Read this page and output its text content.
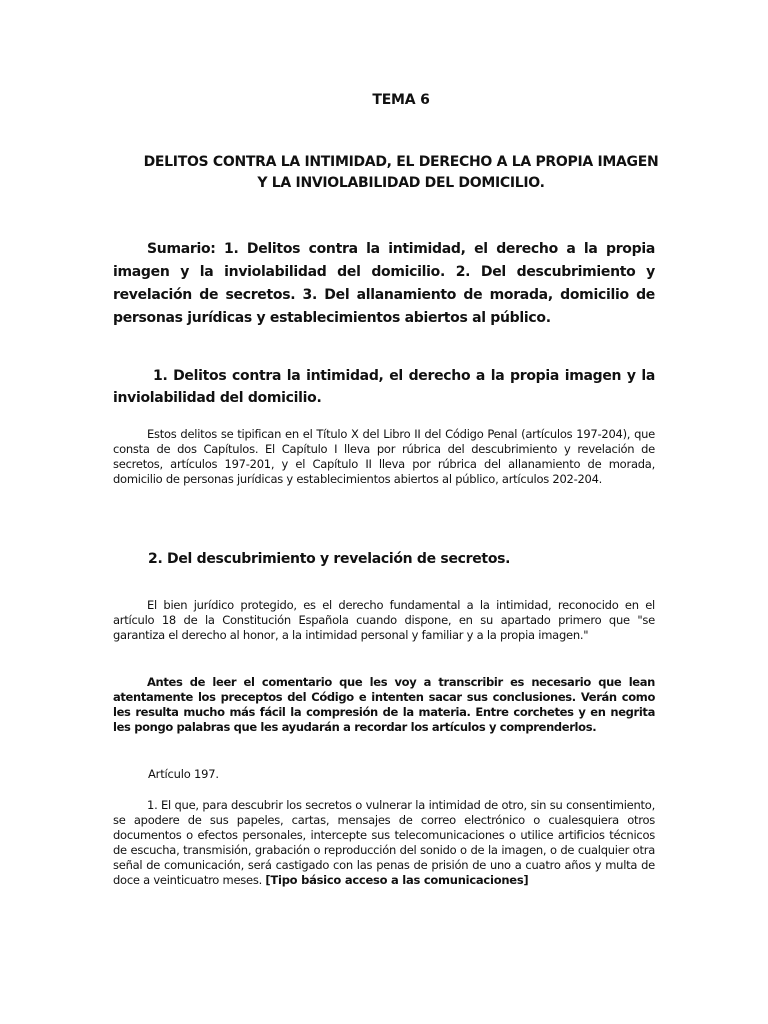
TEMA 6
DELITOS CONTRA LA INTIMIDAD, EL DERECHO A LA PROPIA IMAGEN Y LA INVIOLABILIDAD DEL DOMICILIO.
Sumario: 1. Delitos contra la intimidad, el derecho a la propia imagen y la inviolabilidad del domicilio. 2. Del descubrimiento y revelación de secretos. 3. Del allanamiento de morada, domicilio de personas jurídicas y establecimientos abiertos al público.
1. Delitos contra la intimidad, el derecho a la propia imagen y la inviolabilidad del domicilio.
Estos delitos se tipifican en el Título X del Libro II del Código Penal (artículos 197-204), que consta de dos Capítulos. El Capítulo I lleva por rúbrica del descubrimiento y revelación de secretos, artículos 197-201, y el Capítulo II lleva por rúbrica del allanamiento de morada, domicilio de personas jurídicas y establecimientos abiertos al público, artículos 202-204.
2. Del descubrimiento y revelación de secretos.
El bien jurídico protegido, es el derecho fundamental a la intimidad, reconocido en el artículo 18 de la Constitución Española cuando dispone, en su apartado primero que "se garantiza el derecho al honor, a la intimidad personal y familiar y a la propia imagen."
Antes de leer el comentario que les voy a transcribir es necesario que lean atentamente los preceptos del Código e intenten sacar sus conclusiones. Verán como les resulta mucho más fácil la compresión de la materia. Entre corchetes y en negrita les pongo palabras que les ayudarán a recordar los artículos y comprenderlos.
Artículo 197.
1. El que, para descubrir los secretos o vulnerar la intimidad de otro, sin su consentimiento, se apodere de sus papeles, cartas, mensajes de correo electrónico o cualesquiera otros documentos o efectos personales, intercepte sus telecomunicaciones o utilice artificios técnicos de escucha, transmisión, grabación o reproducción del sonido o de la imagen, o de cualquier otra señal de comunicación, será castigado con las penas de prisión de uno a cuatro años y multa de doce a veinticuatro meses. [Tipo básico acceso a las comunicaciones]
